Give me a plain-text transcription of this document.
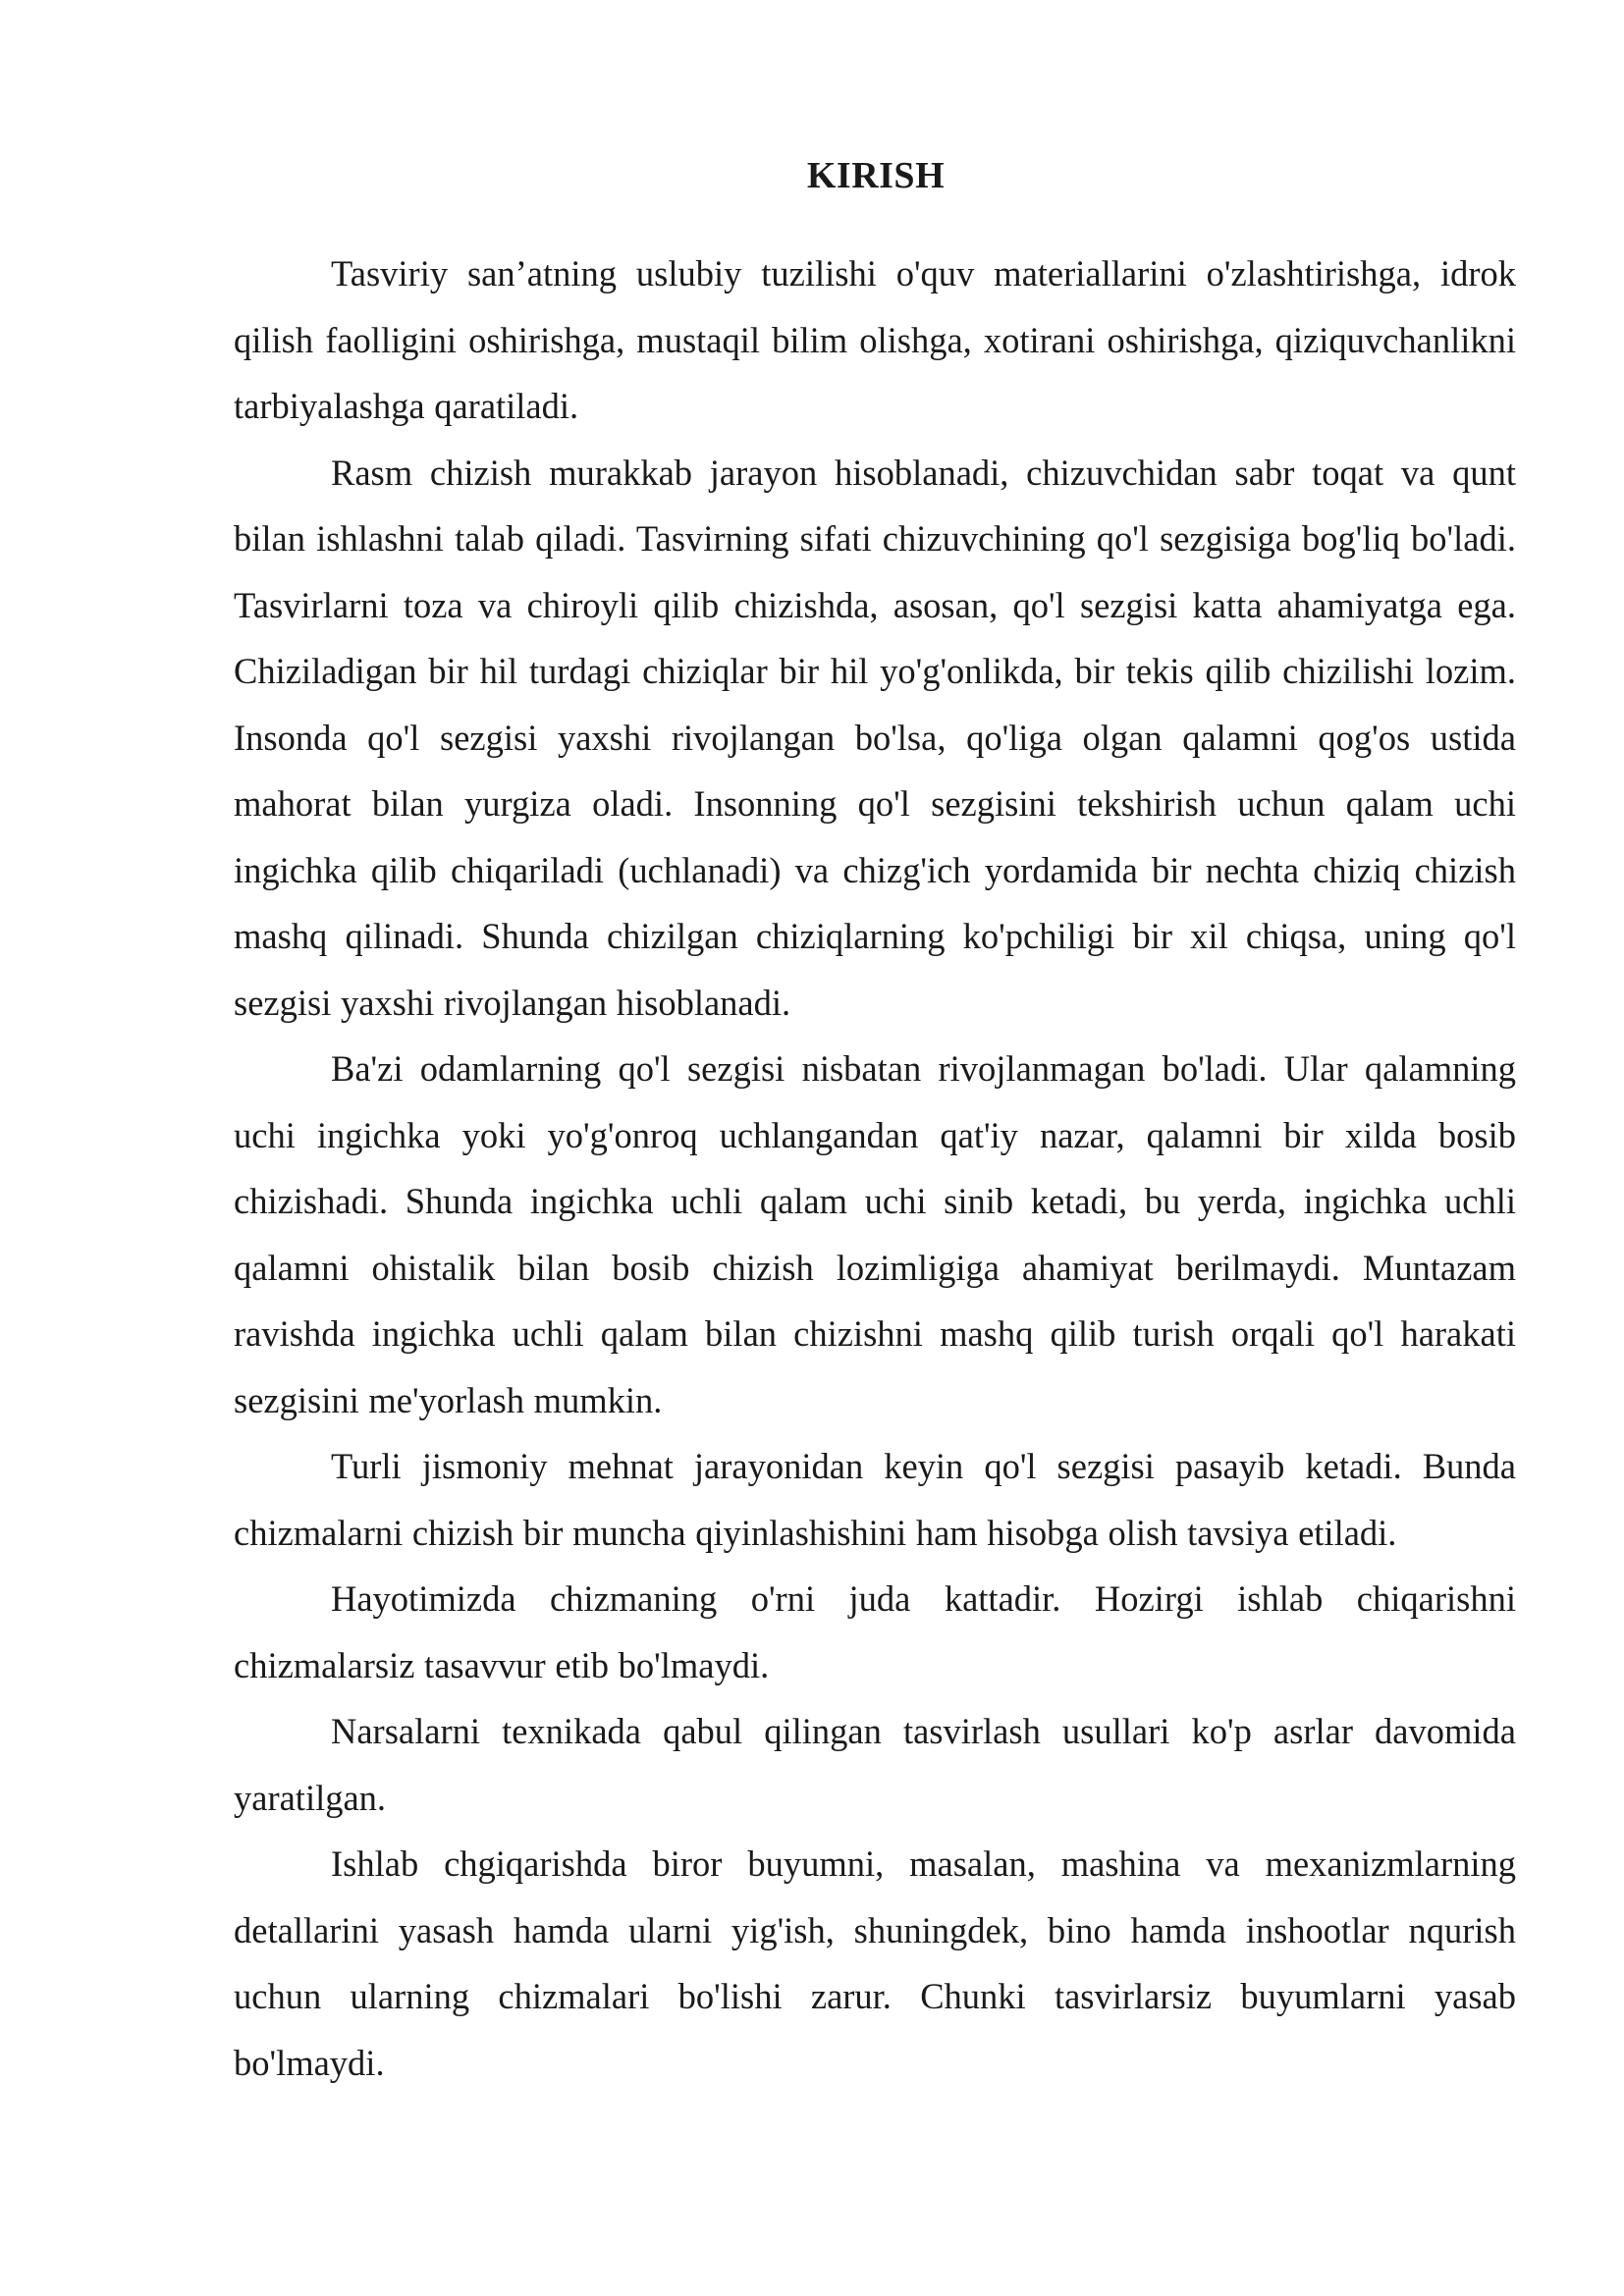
KIRISH

Tasviriy san’atning uslubiy tuzilishi o'quv materiallarini o'zlashtirishga, idrok qilish faolligini oshirishga, mustaqil bilim olishga, xotirani oshirishga, qiziquvchanlikni tarbiyalashga qaratiladi.

Rasm chizish murakkab jarayon hisoblanadi, chizuvchidan sabr toqat va qunt bilan ishlashni talab qiladi. Tasvirning sifati chizuvchining qo'l sezgisiga bog'liq bo'ladi. Tasvirlarni toza va chiroyli qilib chizishda, asosan, qo'l sezgisi katta ahamiyatga ega. Chiziladigan bir hil turdagi chiziqlar bir hil yo'g'onlikda, bir tekis qilib chizilishi lozim. Insonda qo'l sezgisi yaxshi rivojlangan bo'lsa, qo'liga olgan qalamni qog'os ustida mahorat bilan yurgiza oladi. Insonning qo'l sezgisini tekshirish uchun qalam uchi ingichka qilib chiqariladi (uchlanadi) va chizg'ich yordamida bir nechta chiziq chizish mashq qilinadi. Shunda chizilgan chiziqlarning ko'pchiligi bir xil chiqsa, uning qo'l sezgisi yaxshi rivojlangan hisoblanadi.

Ba'zi odamlarning qo'l sezgisi nisbatan rivojlanmagan bo'ladi. Ular qalamning uchi ingichka yoki yo'g'onroq uchlangandan qat'iy nazar, qalamni bir xilda bosib chizishadi. Shunda ingichka uchli qalam uchi sinib ketadi, bu yerda, ingichka uchli qalamni ohistalik bilan bosib chizish lozimligiga ahamiyat berilmaydi. Muntazam ravishda ingichka uchli qalam bilan chizishni mashq qilib turish orqali qo'l harakati sezgisini me'yorlash mumkin.

Turli jismoniy mehnat jarayonidan keyin qo'l sezgisi pasayib ketadi. Bunda chizmalarni chizish bir muncha qiyinlashishini ham hisobga olish tavsiya etiladi.

Hayotimizda chizmaning o'rni juda kattadir. Hozirgi ishlab chiqarishni chizmalarsiz tasavvur etib bo'lmaydi.

Narsalarni texnikada qabul qilingan tasvirlash usullari ko'p asrlar davomida yaratilgan.

Ishlab chgiqarishda biror buyumni, masalan, mashina va mexanizmlarning detallarini yasash hamda ularni yig'ish, shuningdek, bino hamda inshootlar nqurish uchun ularning chizmalari bo'lishi zarur. Chunki tasvirlarsiz buyumlarni yasab bo'lmaydi.
